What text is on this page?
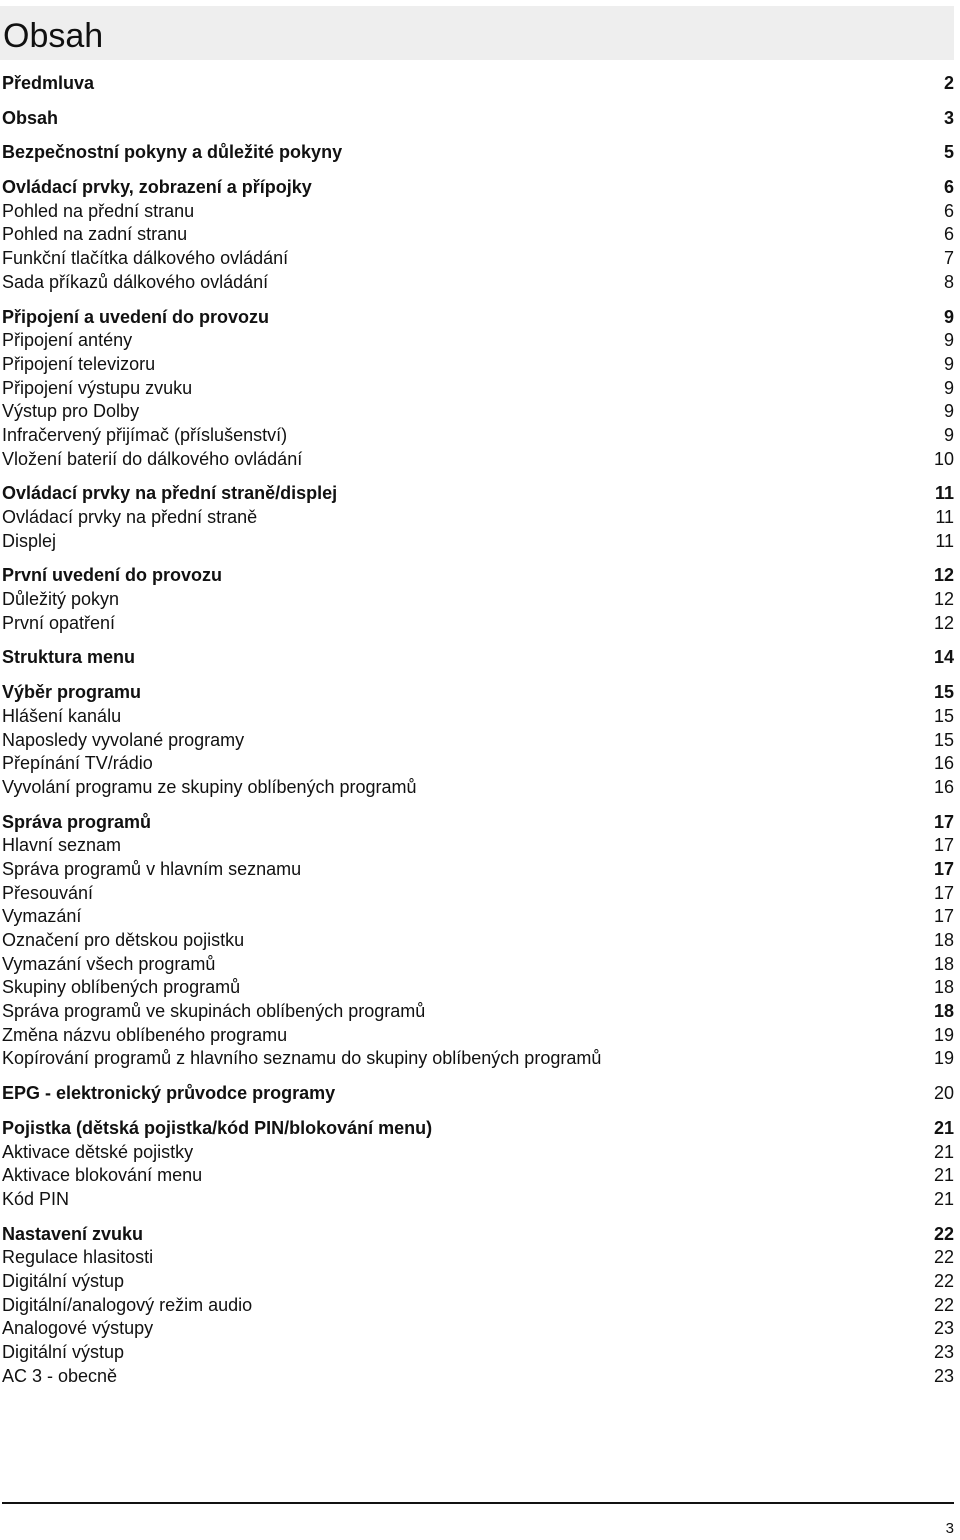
Obsah
Předmluva	2
Obsah	3
Bezpečnostní pokyny a důležité pokyny	5
Ovládací prvky, zobrazení a přípojky	6
Pohled na přední stranu	6
Pohled na zadní stranu	6
Funkční tlačítka dálkového ovládání	7
Sada příkazů dálkového ovládání	8
Připojení a uvedení do provozu	9
Připojení antény	9
Připojení televizoru	9
Připojení výstupu zvuku	9
Výstup pro Dolby	9
Infračervený přijímač (příslušenství)	9
Vložení baterií do dálkového ovládání	10
Ovládací prvky na přední straně/displej	11
Ovládací prvky na přední straně	11
Displej	11
První uvedení do provozu	12
Důležitý pokyn	12
První opatření	12
Struktura menu	14
Výběr programu	15
Hlášení kanálu	15
Naposledy vyvolané programy	15
Přepínání TV/rádio	16
Vyvolání programu ze skupiny oblíbených programů	16
Správa programů	17
Hlavní seznam	17
Správa programů v hlavním seznamu	17
Přesouvání	17
Vymazání	17
Označení pro dětskou pojistku	18
Vymazání všech programů	18
Skupiny oblíbených programů	18
Správa programů ve skupinách oblíbených programů	18
Změna názvu oblíbeného programu	19
Kopírování programů z hlavního seznamu do skupiny oblíbených programů	19
EPG - elektronický průvodce programy	20
Pojistka (dětská pojistka/kód PIN/blokování menu)	21
Aktivace dětské pojistky	21
Aktivace blokování menu	21
Kód PIN	21
Nastavení zvuku	22
Regulace hlasitosti	22
Digitální výstup	22
Digitální/analogový režim audio	22
Analogové výstupy	23
Digitální výstup	23
AC 3 - obecně	23
3
